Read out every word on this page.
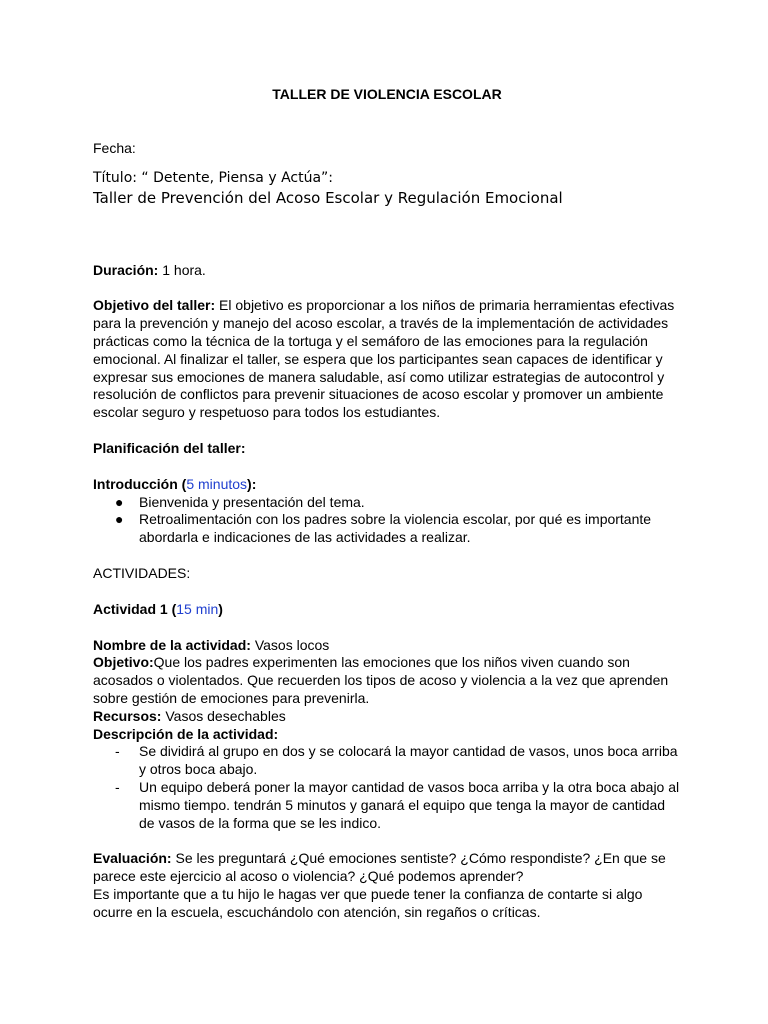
TALLER DE VIOLENCIA ESCOLAR

Fecha:

Título: “ Detente, Piensa y Actúa”:

Taller de Prevención del Acoso Escolar y Regulación Emocional

Duración: 1 hora.

Objetivo del taller: El objetivo es proporcionar a los niños de primaria herramientas efectivas para la prevención y manejo del acoso escolar, a través de la implementación de actividades prácticas como la técnica de la tortuga y el semáforo de las emociones para la regulación emocional. Al finalizar el taller, se espera que los participantes sean capaces de identificar y expresar sus emociones de manera saludable, así como utilizar estrategias de autocontrol y resolución de conflictos para prevenir situaciones de acoso escolar y promover un ambiente escolar seguro y respetuoso para todos los estudiantes.

Planificación del taller:

Introducción (5 minutos):

● Bienvenida y presentación del tema.
● Retroalimentación con los padres sobre la violencia escolar, por qué es importante abordarla e indicaciones de las actividades a realizar.

ACTIVIDADES:

Actividad 1 (15 min)

Nombre de la actividad: Vasos locos

Objetivo:Que los padres experimenten las emociones que los niños viven cuando son acosados o violentados. Que recuerden los tipos de acoso y violencia a la vez que aprenden sobre gestión de emociones para prevenirla.

Recursos: Vasos desechables

Descripción de la actividad:

- Se dividirá al grupo en dos y se colocará la mayor cantidad de vasos, unos boca arriba y otros boca abajo.
- Un equipo deberá poner la mayor cantidad de vasos boca arriba y la otra boca abajo al mismo tiempo. tendrán 5 minutos y ganará el equipo que tenga la mayor de cantidad de vasos de la forma que se les indico.

Evaluación: Se les preguntará ¿Qué emociones sentiste? ¿Cómo respondiste? ¿En que se parece este ejercicio al acoso o violencia? ¿Qué podemos aprender?

Es importante que a tu hijo le hagas ver que puede tener la confianza de contarte si algo ocurre en la escuela, escuchándolo con atención, sin regaños o críticas.
